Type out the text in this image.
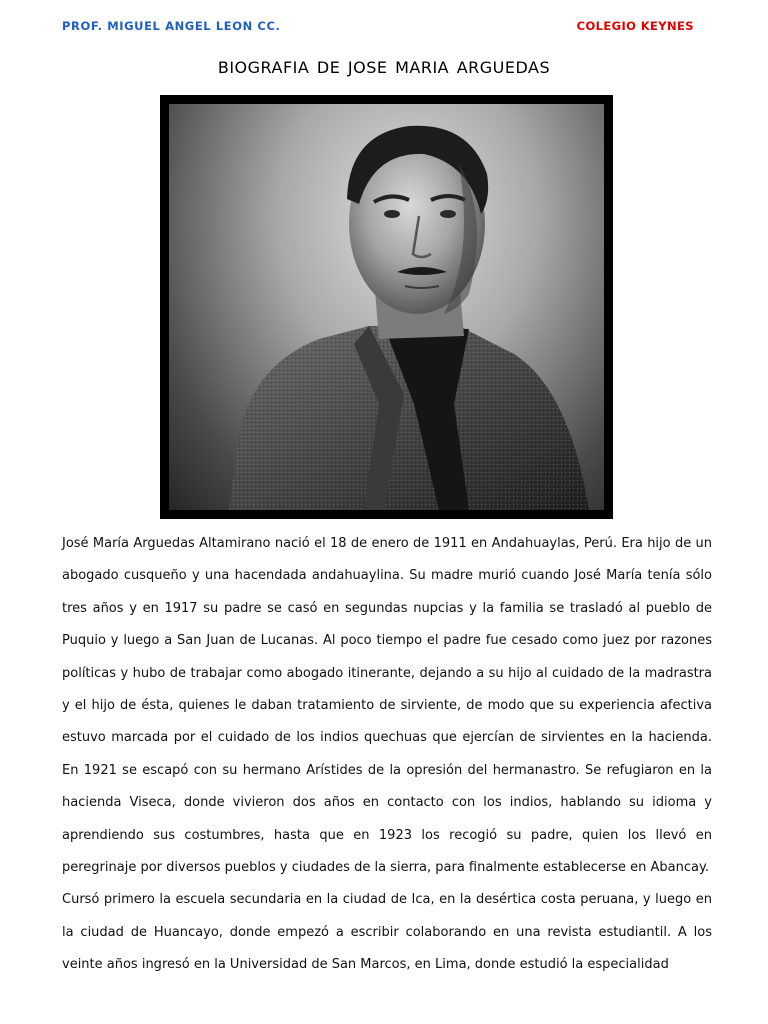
PROF. MIGUEL ANGEL LEON CC.	COLEGIO KEYNES
BIOGRAFIA DE JOSE MARIA ARGUEDAS

José María Arguedas Altamirano nació el 18 de enero de 1911 en Andahuaylas, Perú. Era hijo de un abogado cusqueño y una hacendada andahuaylina. Su madre murió cuando José María tenía sólo tres años y en 1917 su padre se casó en segundas nupcias y la familia se trasladó al pueblo de Puquio y luego a San Juan de Lucanas. Al poco tiempo el padre fue cesado como juez por razones políticas y hubo de trabajar como abogado itinerante, dejando a su hijo al cuidado de la madrastra y el hijo de ésta, quienes le daban tratamiento de sirviente, de modo que su experiencia afectiva estuvo marcada por el cuidado de los indios quechuas que ejercían de sirvientes en la hacienda. En 1921 se escapó con su hermano Arístides de la opresión del hermanastro. Se refugiaron en la hacienda Viseca, donde vivieron dos años en contacto con los indios, hablando su idioma y aprendiendo sus costumbres, hasta que en 1923 los recogió su padre, quien los llevó en peregrinaje por diversos pueblos y ciudades de la sierra, para finalmente establecerse en Abancay.

Cursó primero la escuela secundaria en la ciudad de Ica, en la desértica costa peruana, y luego en la ciudad de Huancayo, donde empezó a escribir colaborando en una revista estudiantil. A los veinte años ingresó en la Universidad de San Marcos, en Lima, donde estudió la especialidad
